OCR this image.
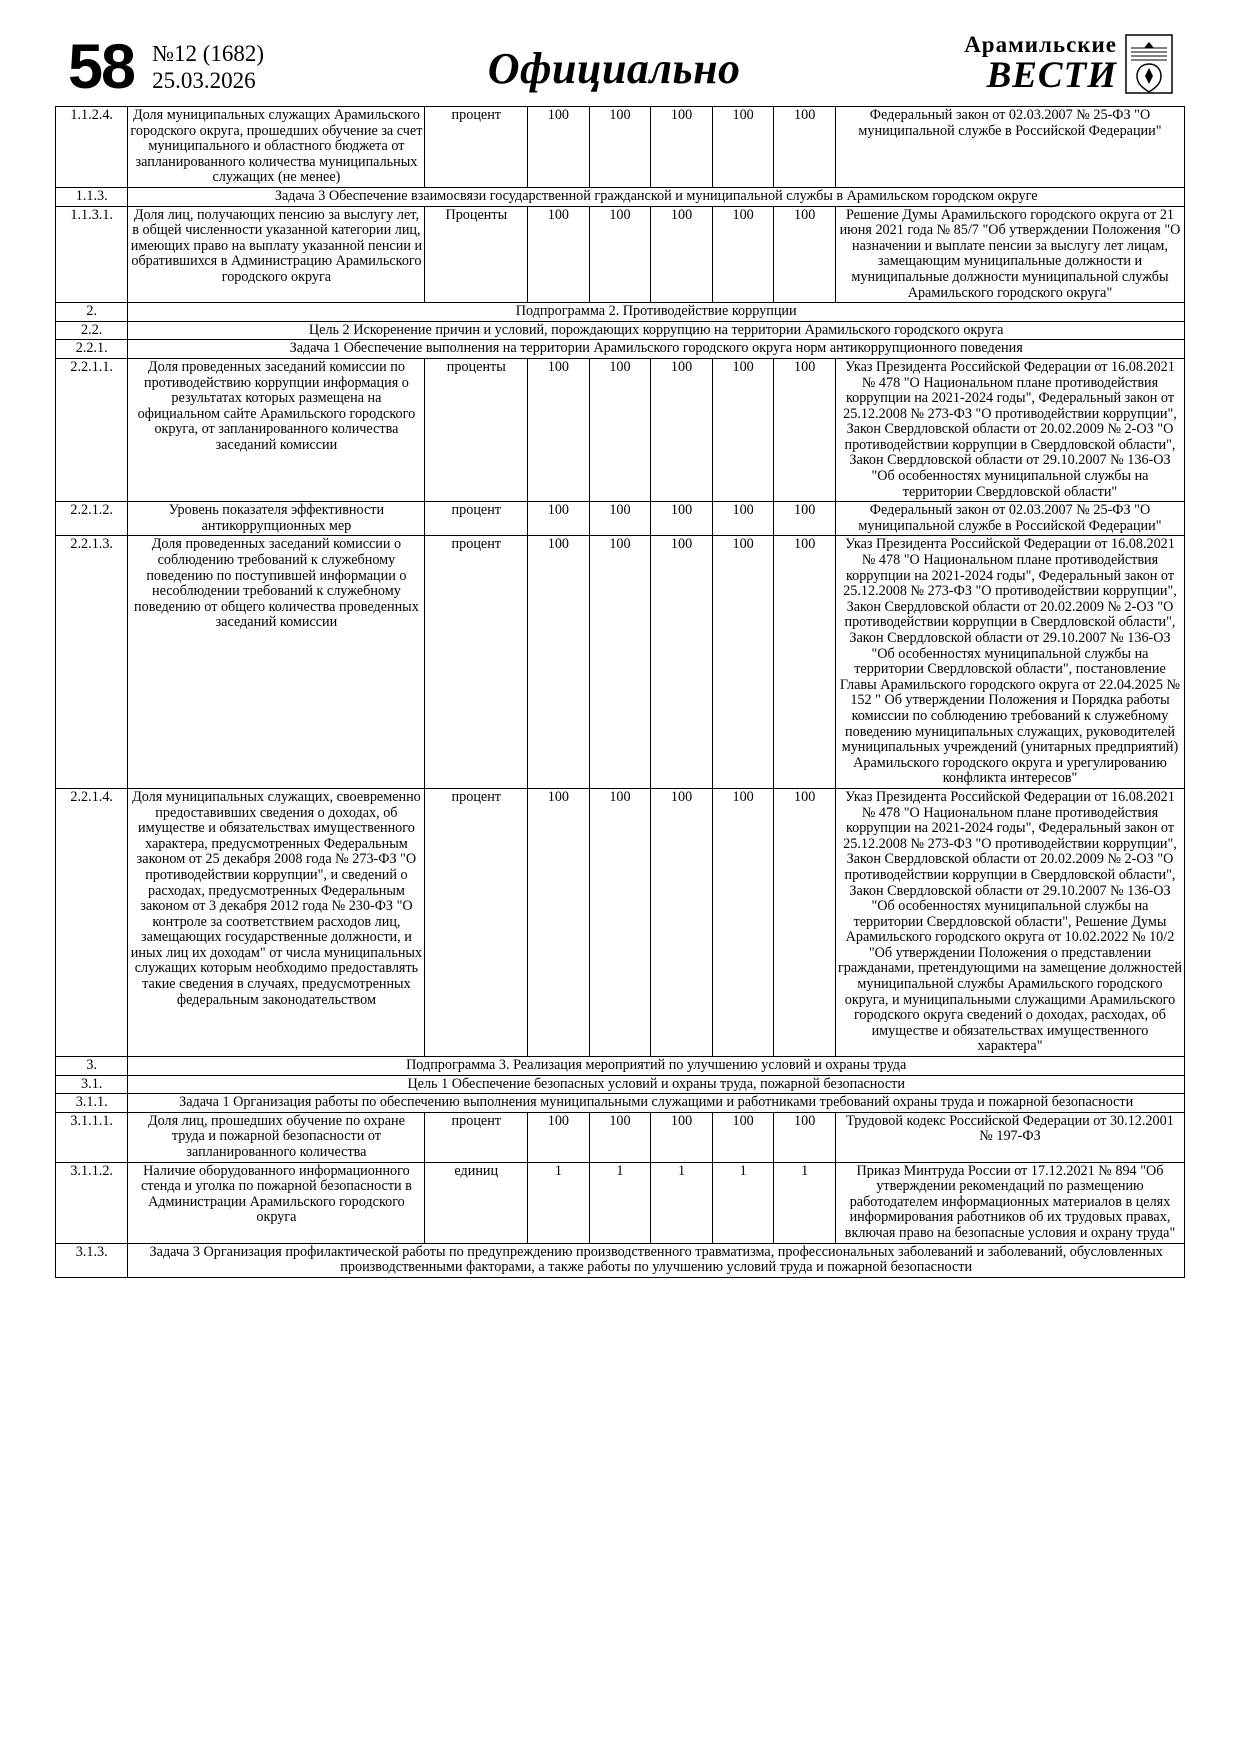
58 №12 (1682)
25.03.2026	Официально	Арамильские
ВЕСТИ
1.1.2.4.	Доля муниципальных служащих Арамильского городского округа, прошедших обучение за счет муниципального и областного бюджета от запланированного количества муниципальных служащих (не менее)	процент	100	100	100	100	100	Федеральный закон от 02.03.2007 № 25-ФЗ "О муниципальной службе в Российской Федерации"
1.1.3.	Задача 3 Обеспечение взаимосвязи государственной гражданской и муниципальной службы в Арамильском городском округе							
1.1.3.1.	Доля лиц, получающих пенсию за выслугу лет, в общей численности указанной категории лиц, имеющих право на выплату указанной пенсии и обратившихся в Администрацию Арамильского городского округа	Проценты	100	100	100	100	100	Решение Думы Арамильского городского округа от 21 июня 2021 года № 85/7 "Об утверждении Положения "О назначении и выплате пенсии за выслугу лет лицам, замещающим муниципальные должности и муниципальные должности муниципальной службы Арамильского городского округа"
2.	Подпрограмма 2. Противодействие коррупции							
2.2.	Цель 2 Искоренение причин и условий, порождающих коррупцию на территории Арамильского городского округа							
2.2.1.	Задача 1 Обеспечение выполнения на территории Арамильского городского округа норм антикоррупционного поведения							
2.2.1.1.	Доля проведенных заседаний комиссии по противодействию коррупции информация о результатах которых размещена на официальном сайте Арамильского городского округа, от запланированного количества заседаний комиссии	проценты	100	100	100	100	100	Указ Президента Российской Федерации от 16.08.2021 № 478 "О Национальном плане противодействия коррупции на 2021-2024 годы", Федеральный закон от 25.12.2008 № 273-ФЗ "О противодействии коррупции", Закон Свердловской области от 20.02.2009 № 2-ОЗ "О противодействии коррупции в Свердловской области", Закон Свердловской области от 29.10.2007 № 136-ОЗ "Об особенностях муниципальной службы на территории Свердловской области"
2.2.1.2.	Уровень показателя эффективности антикоррупционных мер	процент	100	100	100	100	100	Федеральный закон от 02.03.2007 № 25-ФЗ "О муниципальной службе в Российской Федерации"
2.2.1.3.	Доля проведенных заседаний комиссии о соблюдению требований к служебному поведению по поступившей информации о несоблюдении требований к служебному поведению от общего количества проведенных заседаний комиссии	процент	100	100	100	100	100	Указ Президента Российской Федерации от 16.08.2021 № 478 "О Национальном плане противодействия коррупции на 2021-2024 годы", Федеральный закон от 25.12.2008 № 273-ФЗ "О противодействии коррупции", Закон Свердловской области от 20.02.2009 № 2-ОЗ "О противодействии коррупции в Свердловской области", Закон Свердловской области от 29.10.2007 № 136-ОЗ "Об особенностях муниципальной службы на территории Свердловской области", постановление Главы Арамильского городского округа от 22.04.2025 № 152 " Об утверждении Положения и Порядка работы комиссии по соблюдению требований к служебному поведению муниципальных служащих, руководителей муниципальных учреждений (унитарных предприятий) Арамильского городского округа и урегулированию конфликта интересов"
2.2.1.4.	Доля муниципальных служащих, своевременно предоставивших сведения о доходах, об имуществе и обязательствах имущественного характера, предусмотренных Федеральным законом от 25 декабря 2008 года № 273-ФЗ "О противодействии коррупции", и сведений о расходах, предусмотренных Федеральным законом от 3 декабря 2012 года № 230-ФЗ "О контроле за соответствием расходов лиц, замещающих государственные должности, и иных лиц их доходам" от числа муниципальных служащих которым необходимо предоставлять такие сведения в случаях, предусмотренных федеральным законодательством	процент	100	100	100	100	100	Указ Президента Российской Федерации от 16.08.2021 № 478 "О Национальном плане противодействия коррупции на 2021-2024 годы", Федеральный закон от 25.12.2008 № 273-ФЗ "О противодействии коррупции", Закон Свердловской области от 20.02.2009 № 2-ОЗ "О противодействии коррупции в Свердловской области", Закон Свердловской области от 29.10.2007 № 136-ОЗ "Об особенностях муниципальной службы на территории Свердловской области", Решение Думы Арамильского городского округа от 10.02.2022 № 10/2 "Об утверждении Положения о представлении гражданами, претендующими на замещение должностей муниципальной службы Арамильского городского округа, и муниципальными служащими Арамильского городского округа сведений о доходах, расходах, об имуществе и обязательствах имущественного характера"
3.	Подпрограмма 3. Реализация мероприятий по улучшению условий и охраны труда							
3.1.	Цель 1 Обеспечение безопасных условий и охраны труда, пожарной безопасности							
3.1.1.	Задача 1 Организация работы по обеспечению выполнения муниципальными служащими и работниками требований охраны труда и пожарной безопасности							
3.1.1.1.	Доля лиц, прошедших обучение по охране труда и пожарной безопасности от запланированного количества	процент	100	100	100	100	100	Трудовой кодекс Российской Федерации от 30.12.2001 № 197-ФЗ
3.1.1.2.	Наличие оборудованного информационного стенда и уголка по пожарной безопасности в Администрации Арамильского городского округа	единиц	1	1	1	1	1	Приказ Минтруда России от 17.12.2021 № 894 "Об утверждении рекомендаций по размещению работодателем информационных материалов в целях информирования работников об их трудовых правах, включая право на безопасные условия и охрану труда"
3.1.3.	Задача 3 Организация профилактической работы по предупреждению производственного травматизма, профессиональных заболеваний и заболеваний, обусловленных производственными факторами, а также работы по улучшению условий труда и пожарной безопасности							
